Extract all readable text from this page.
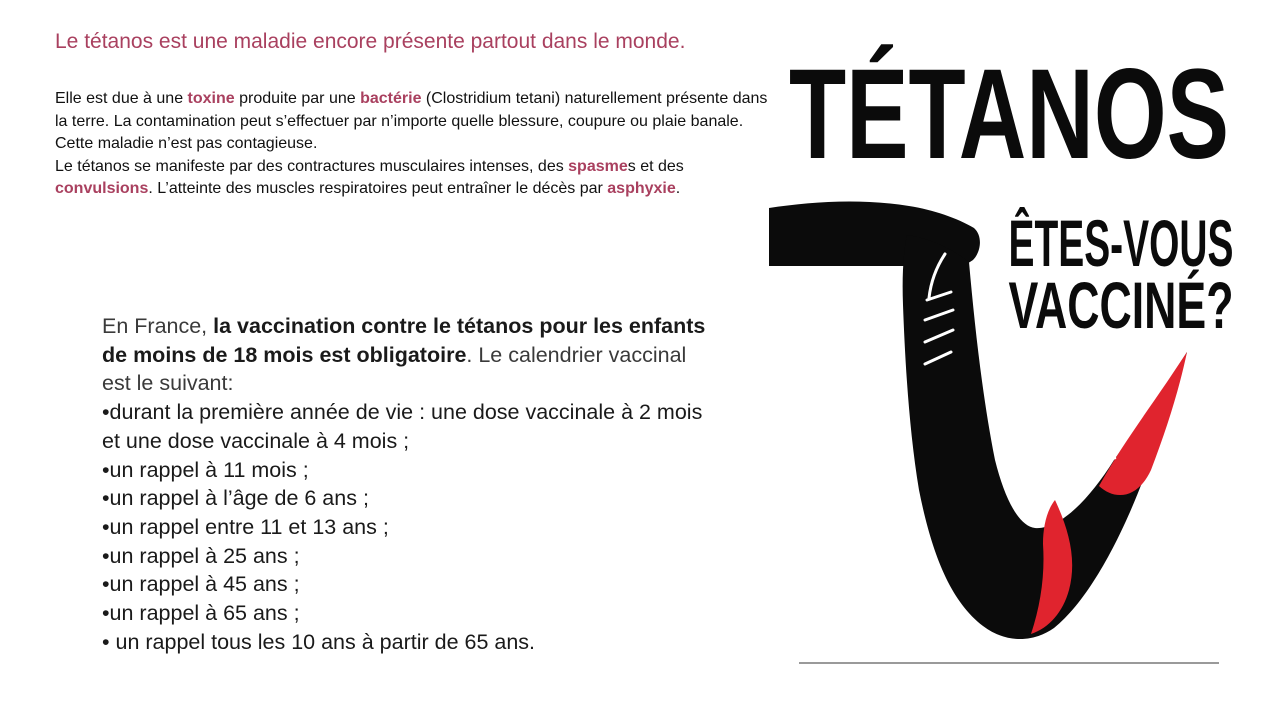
Le tétanos est une maladie encore présente partout dans le monde.

Elle est due à une toxine produite par une bactérie (Clostridium tetani) naturellement présente dans la terre. La contamination peut s’effectuer par n’importe quelle blessure, coupure ou plaie banale. Cette maladie n’est pas contagieuse.
Le tétanos se manifeste par des contractures musculaires intenses, des spasmes et des convulsions. L’atteinte des muscles respiratoires peut entraîner le décès par asphyxie.

En France, la vaccination contre le tétanos pour les enfants de moins de 18 mois est obligatoire. Le calendrier vaccinal est le suivant:

•durant la première année de vie : une dose vaccinale à 2 mois et une dose vaccinale à 4 mois ;
•un rappel à 11 mois ;
•un rappel à l’âge de 6 ans ;
•un rappel entre 11 et 13 ans ;
•un rappel à 25 ans ;
•un rappel à 45 ans ;
•un rappel à 65 ans ;
• un rappel tous les 10 ans à partir de 65 ans.
TÉTANOS
ÊTES-VOUS
VACCINÉ?
